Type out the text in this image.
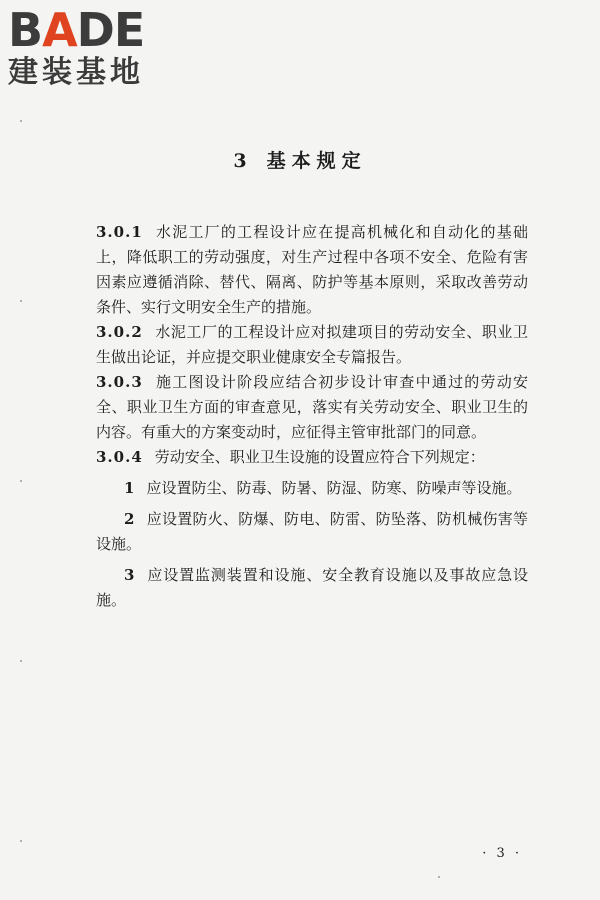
B A D E
建装基地
3 基本规定

3.0.1 水泥工厂的工程设计应在提高机械化和自动化的基础上，降低职工的劳动强度，对生产过程中各项不安全、危险有害因素应遵循消除、替代、隔离、防护等基本原则，采取改善劳动条件、实行文明安全生产的措施。

3.0.2 水泥工厂的工程设计应对拟建项目的劳动安全、职业卫生做出论证，并应提交职业健康安全专篇报告。

3.0.3 施工图设计阶段应结合初步设计审查中通过的劳动安全、职业卫生方面的审查意见，落实有关劳动安全、职业卫生的内容。有重大的方案变动时，应征得主管审批部门的同意。

3.0.4 劳动安全、职业卫生设施的设置应符合下列规定：

1 应设置防尘、防毒、防暑、防湿、防寒、防噪声等设施。

2 应设置防火、防爆、防电、防雷、防坠落、防机械伤害等设施。

3 应设置监测装置和设施、安全教育设施以及事故应急设施。

· 3 ·
